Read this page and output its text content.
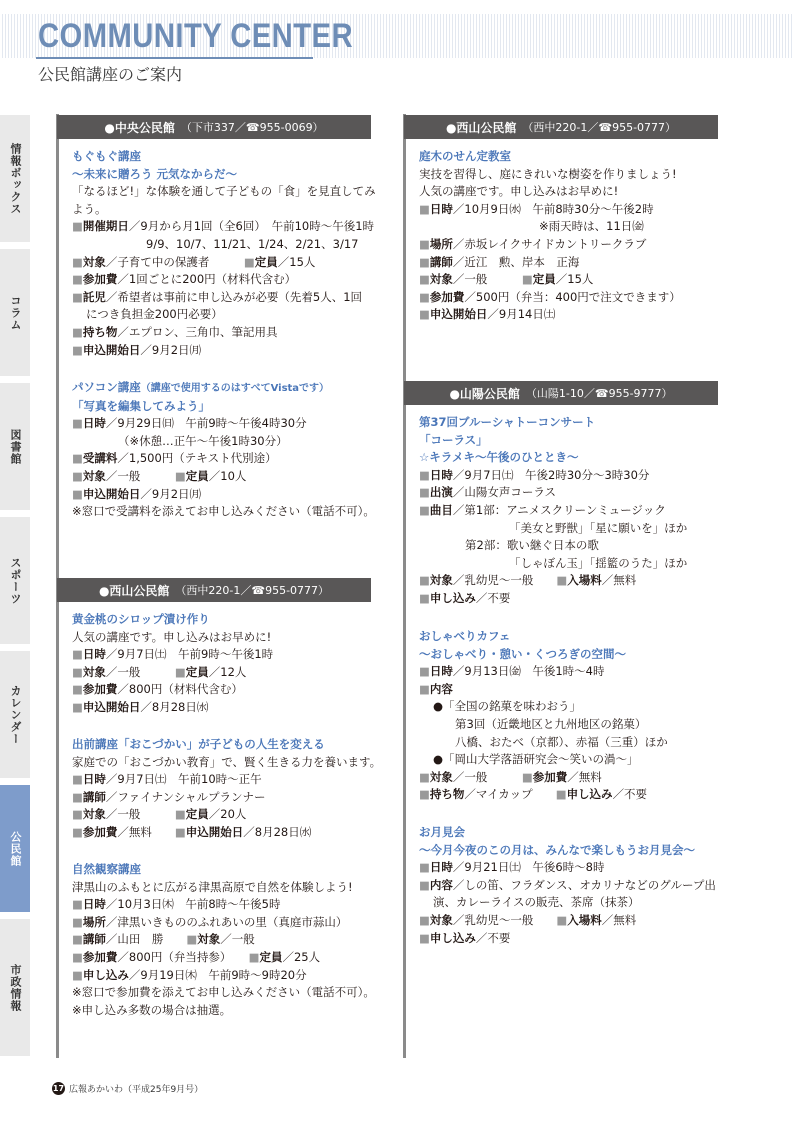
COMMUNITY CENTER
公民館講座のご案内
情報ボックス
コラム
図書館
スポーツ
カレンダー
公民館
市政情報
●中央公民館 （下市337／☎955-0069）
もぐもぐ講座
～未来に贈ろう 元気なからだ～
「なるほど!」な体験を通して子どもの「食」を見直してみ
よう。
■開催期日／9月から月1回（全6回）　午前10時～午後1時
9/9、10/7、11/21、1/24、2/21、3/17
■対象／子育て中の保護者　　　	■定員／15人
■参加費／1回ごとに200円（材料代含む）
■託児／希望者は事前に申し込みが必要（先着5人、1回
につき負担金200円必要）
■持ち物／エプロン、三角巾、筆記用具
■申込開始日／9月2日㈪
パソコン講座（講座で使用するのはすべてVistaです）
「写真を編集してみよう」
■日時／9月29日㈰　午前9時～午後4時30分
（※休憩…正午～午後1時30分）
■受講料／1,500円（テキスト代別途）
■対象／一般　　　	■定員／10人
■申込開始日／9月2日㈪
※窓口で受講料を添えてお申し込みください（電話不可）。
●西山公民館 （西中220-1／☎955-0777）
黄金桃のシロップ漬け作り
人気の講座です。申し込みはお早めに!
■日時／9月7日㈯　午前9時～午後1時
■対象／一般　　　	■定員／12人
■参加費／800円（材料代含む）
■申込開始日／8月28日㈬
出前講座「おこづかい」が子どもの人生を変える
家庭での「おこづかい教育」で、賢く生きる力を養います。
■日時／9月7日㈯　午前10時～正午
■講師／ファイナンシャルプランナー
■対象／一般　　　	■定員／20人
■参加費／無料　　 ■申込開始日／8月28日㈬
自然観察講座
津黒山のふもとに広がる津黒高原で自然を体験しよう!
■日時／10月3日㈭　午前8時～午後5時
■場所／津黒いきもののふれあいの里（真庭市蒜山）
■講師／山田　勝　　 ■対象／一般
■参加費／800円（弁当持参）　　 ■定員／25人
■申し込み／9月19日㈭　午前9時～9時20分
※窓口で参加費を添えてお申し込みください（電話不可）。
※申し込み多数の場合は抽選。
●西山公民館 （西中220-1／☎955-0777）
庭木のせん定教室
実技を習得し、庭にきれいな樹姿を作りましょう!
人気の講座です。申し込みはお早めに!
■日時／10月9日㈬　午前8時30分～午後2時
※雨天時は、11日㈮
■場所／赤坂レイクサイドカントリークラブ
■講師／近江　勲、岸本　正海
■対象／一般　　　	■定員／15人
■参加費／500円（弁当：400円で注文できます）
■申込開始日／9月14日㈯
●山陽公民館 （山陽1-10／☎955-9777）
第37回ブルーシャトーコンサート
「コーラス」
☆キラメキ～午後のひととき～
■日時／9月7日㈯　午後2時30分～3時30分
■出演／山陽女声コーラス
■曲目／第1部：アニメスクリーンミュージック
「美女と野獣」「星に願いを」ほか
第2部：歌い継ぐ日本の歌
「しゃぼん玉」「揺籃のうた」ほか
■対象／乳幼児～一般　　 ■入場料／無料
■申し込み／不要
おしゃべりカフェ
～おしゃべり・憩い・くつろぎの空間～
■日時／9月13日㈮　午後1時～4時
■内容
●「全国の銘菓を味わおう」
第3回（近畿地区と九州地区の銘菓）
八橋、おたべ（京都）、赤福（三重）ほか
●「岡山大学落語研究会～笑いの渦～」
■対象／一般　　　	■参加費／無料
■持ち物／マイカップ　　 ■申し込み／不要
お月見会
～今月今夜のこの月は、みんなで楽しもうお月見会～
■日時／9月21日㈯　午後6時～8時
■内容／しの笛、フラダンス、オカリナなどのグループ出
演、カレーライスの販売、茶席（抹茶）
■対象／乳幼児～一般　　 ■入場料／無料
■申し込み／不要
17 広報あかいわ（平成25年9月号）
